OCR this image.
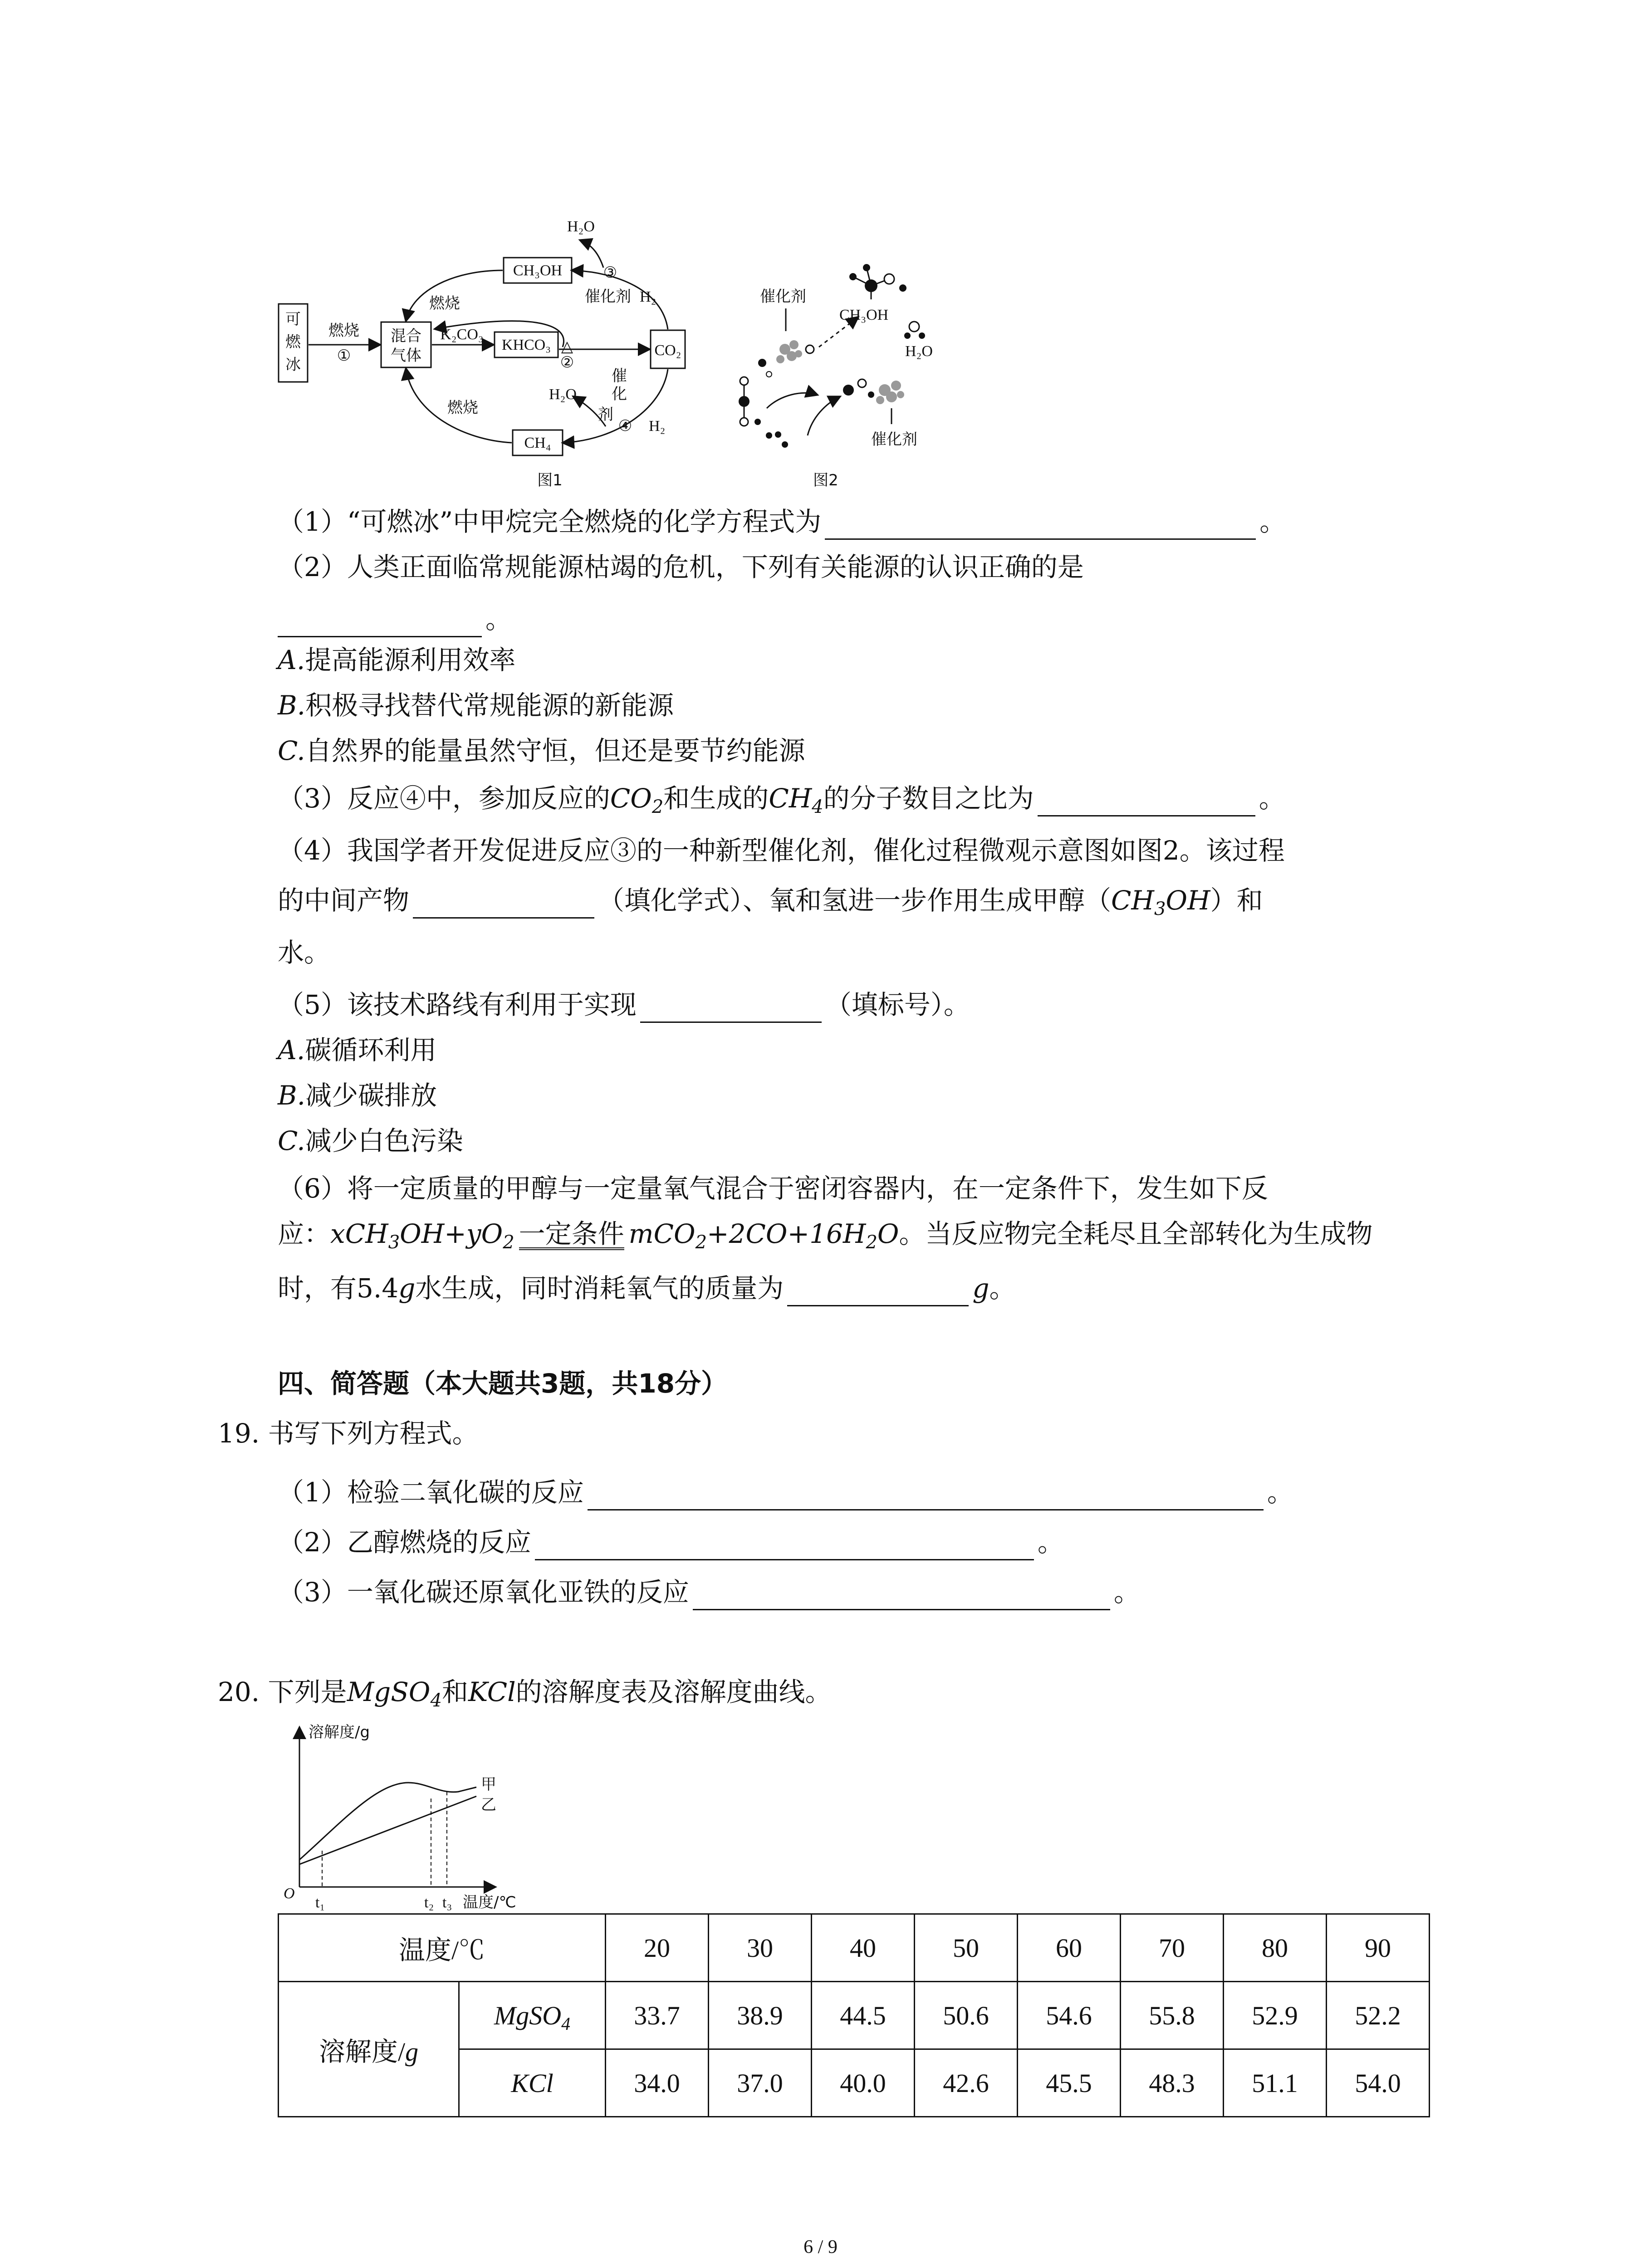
可
燃
冰
燃烧
①
混合
气体
K₂CO₃
KHCO₃ △
②
CO₂
CH₃OH
CH₄
H₂O
③
催化剂 H₂
燃烧
H₂O
催
化
剂
④ H₂
燃烧
图1
催化剂
CH₃OH
H₂O
催化剂
图2
（1）“可燃冰”中甲烷完全燃烧的化学方程式为	。
（2）人类正面临常规能源枯竭的危机，下列有关能源的认识正确的是
。
A.提高能源利用效率
B.积极寻找替代常规能源的新能源
C.自然界的能量虽然守恒，但还是要节约能源
（3）反应④中，参加反应的$CO_2$和生成的$CH_4$的分子数目之比为	。
（4）我国学者开发促进反应③的一种新型催化剂，催化过程微观示意图如图2。该过程
的中间产物	（填化学式）、氧和氢进一步作用生成甲醇$(CH_3OH)$和
水。
（5）该技术路线有利用于实现	（填标号）。
A.碳循环利用
B.减少碳排放
C.减少白色污染
（6）将一定质量的甲醇与一定量氧气混合于密闭容器内，在一定条件下，发生如下反
应：$xCH_3OH+yO_2$ 一定条件 $mCO_2+2CO+16H_2O$。当反应物完全耗尽且全部转化为生成物
时，有5.4g水生成，同时消耗氧气的质量为	g。
四、简答题（本大题共3题，共18分）
19. 书写下列方程式。
（1）检验二氧化碳的反应	。
（2）乙醇燃烧的反应	。
（3）一氧化碳还原氧化亚铁的反应	。
20. 下列是MgSO$_4$和KCl的溶解度表及溶解度曲线。
溶解度/g
O
甲
乙
t₁	t₂ t₃ 温度/℃
温度/℃		20	30	40	50	60	70	80	90
溶解度/g	MgSO$_4$	33.7	38.9	44.5	50.6	54.6	55.8	52.9	52.2
	KCl	34.0	37.0	40.0	42.6	45.5	48.3	51.1	54.0
6 / 9
